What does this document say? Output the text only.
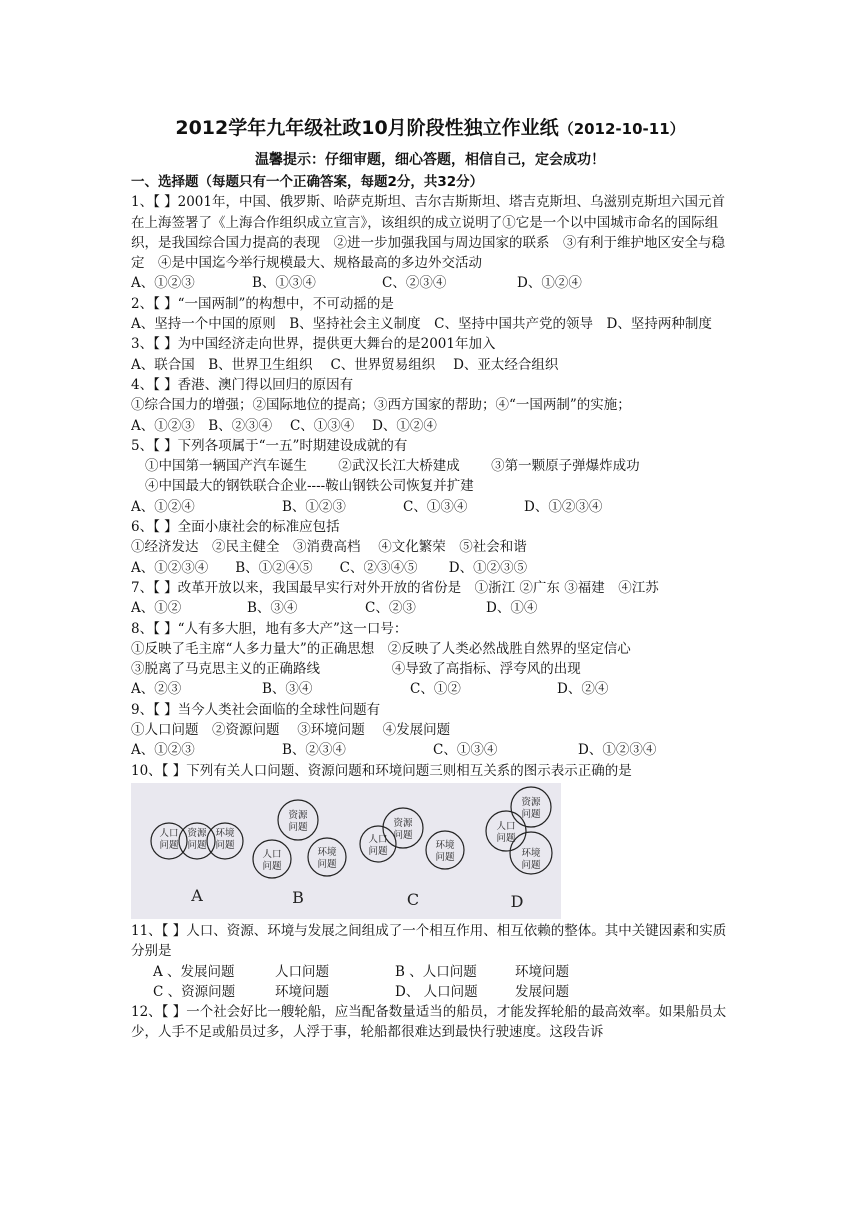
2012学年九年级社政10月阶段性独立作业纸（2012-10-11）
温馨提示：仔细审题，细心答题，相信自己，定会成功！
一、选择题（每题只有一个正确答案，每题2分，共32分）
1、【 】2001年，中国、俄罗斯、哈萨克斯坦、吉尔吉斯斯坦、塔吉克斯坦、乌滋别克斯坦六国元首在上海签署了《上海合作组织成立宣言》，该组织的成立说明了①它是一个以中国城市命名的国际组织，是我国综合国力提高的表现　②进一步加强我国与周边国家的联系　③有利于维护地区安全与稳定　④是中国迄今举行规模最大、规格最高的多边外交活动
A、①②③	B、①③④	C、②③④	D、①②④
2、【 】“一国两制”的构想中，不可动摇的是
A、坚持一个中国的原则　B、坚持社会主义制度　C、坚持中国共产党的领导　D、坚持两种制度
3、【 】为中国经济走向世界，提供更大舞台的是2001年加入
A、联合国　B、世界卫生组织　 C、世界贸易组织　 D、亚太经合组织
4、【 】香港、澳门得以回归的原因有
①综合国力的增强；②国际地位的提高；③西方国家的帮助；④“一国两制”的实施；
A、①②③　B、②③④　 C、①③④　 D、①②④
5、【 】下列各项属于“一五”时期建设成就的有
①中国第一辆国产汽车诞生　　 ②武汉长江大桥建成　　 ③第一颗原子弹爆炸成功
④中国最大的钢铁联合企业----鞍山钢铁公司恢复并扩建
A、①②④	B、①②③	C、①③④	D、①②③④
6、【 】全面小康社会的标准应包括
①经济发达　②民主健全　③消费高档　 ④文化繁荣　⑤社会和谐
A、①②③④　　B、①②④⑤　　C、②③④⑤　　 D、①②③⑤
7、【 】改革开放以来，我国最早实行对外开放的省份是　①浙江 ②广东 ③福建　④江苏
A、①②	B、③④	C、②③	D、①④
8、【 】“人有多大胆，地有多大产”这一口号：
①反映了毛主席“人多力量大”的正确思想　②反映了人类必然战胜自然界的坚定信心
③脱离了马克思主义的正确路线　　　　　 ④导致了高指标、浮夸风的出现
A、②③	B、③④	C、①②	D、②④
9、【 】当今人类社会面临的全球性问题有
①人口问题　②资源问题　 ③环境问题　 ④发展问题
A、①②③	B、②③④	C、①③④	D、①②③④
10、【 】下列有关人口问题、资源问题和环境问题三则相互关系的图示表示正确的是
人口问题
资源问题
环境问题
资源问题
人口问题
环境问题
人口问题
资源问题
环境问题
资源问题
人口问题
环境问题
A	B	C	D
11、【 】人口、资源、环境与发展之间组成了一个相互作用、相互依赖的整体。其中关键因素和实质分别是
A 、发展问题	人口问题	B 、人口问题	环境问题
C 、资源问题	环境问题	D、 人口问题	发展问题
12、【 】一个社会好比一艘轮船，应当配备数量适当的船员，才能发挥轮船的最高效率。如果船员太少，人手不足或船员过多，人浮于事，轮船都很难达到最快行驶速度。这段告诉
